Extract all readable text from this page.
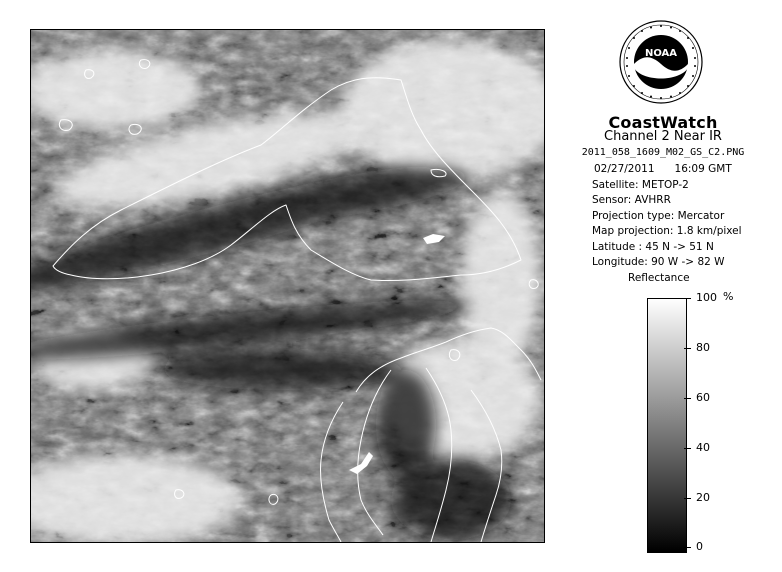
NOAA
CoastWatch
Channel 2 Near IR
2011_058_1609_M02_GS_C2.PNG
02/27/2011 16:09 GMT
Satellite: METOP-2
Sensor: AVHRR
Projection type: Mercator
Map projection: 1.8 km/pixel
Latitude : 45 N -> 51 N
Longitude: 90 W -> 82 W
Reflectance
%
100
80
60
40
20
0
